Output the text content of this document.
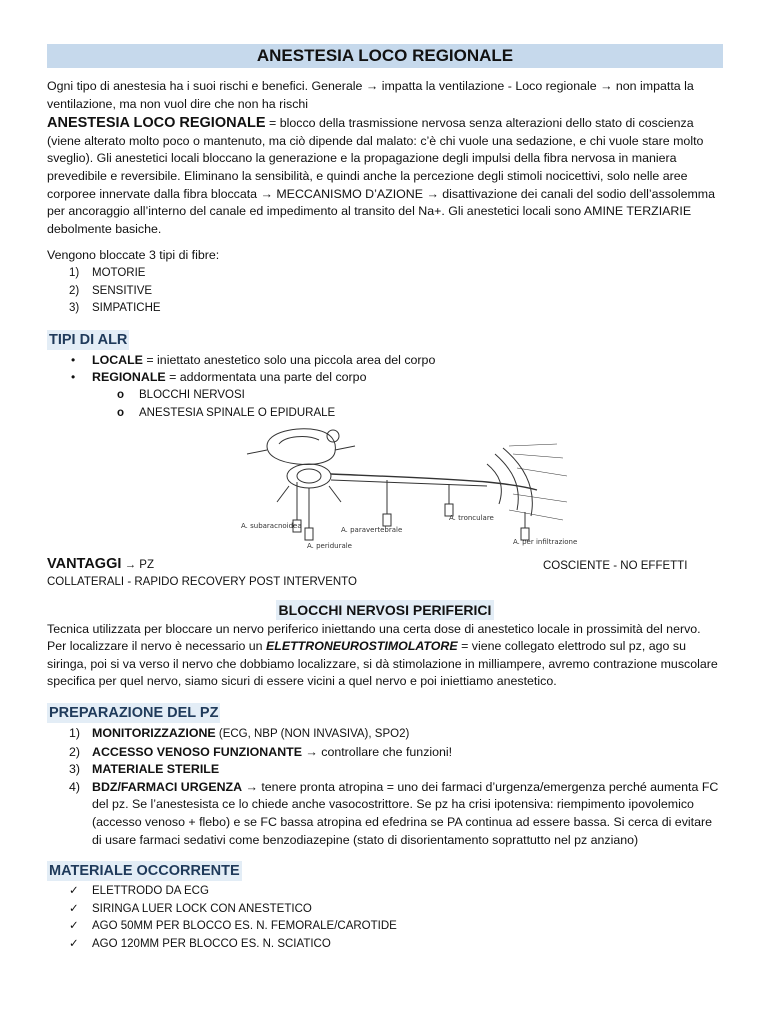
ANESTESIA LOCO REGIONALE

Ogni tipo di anestesia ha i suoi rischi e benefici. Generale → impatta la ventilazione - Loco regionale → non impatta la ventilazione, ma non vuol dire che non ha rischi

ANESTESIA LOCO REGIONALE = blocco della trasmissione nervosa senza alterazioni dello stato di coscienza (viene alterato molto poco o mantenuto, ma ciò dipende dal malato: c’è chi vuole una sedazione, e chi vuole stare molto sveglio). Gli anestetici locali bloccano la generazione e la propagazione degli impulsi della fibra nervosa in maniera prevedibile e reversibile. Eliminano la sensibilità, e quindi anche la percezione degli stimoli nocicettivi, solo nelle aree corporee innervate dalla fibra bloccata → MECCANISMO D’AZIONE → disattivazione dei canali del sodio dell’assolemma per ancoraggio all’interno del canale ed impedimento al transito del Na+. Gli anestetici locali sono AMINE TERZIARIE debolmente basiche.

Vengono bloccate 3 tipi di fibre:

1) MOTORIE
2) SENSITIVE
3) SIMPATICHE
TIPI DI ALR
• LOCALE = iniettato anestetico solo una piccola area del corpo
• REGIONALE = addormentata una parte del corpo
o BLOCCHI NERVOSI
o ANESTESIA SPINALE O EPIDURALE
A. subaracnoidea
A. peridurale
A. paravertebrale
A. tronculare
A. per infiltrazione
VANTAGGI → PZ	COSCIENTE - NO EFFETTI
COLLATERALI - RAPIDO RECOVERY POST INTERVENTO
BLOCCHI NERVOSI PERIFERICI

Tecnica utilizzata per bloccare un nervo periferico iniettando una certa dose di anestetico locale in prossimità del nervo. Per localizzare il nervo è necessario un ELETTRONEUROSTIMOLATORE = viene collegato elettrodo sul pz, ago su siringa, poi si va verso il nervo che dobbiamo localizzare, si dà stimolazione in milliampere, avremo contrazione muscolare specifica per quel nervo, siamo sicuri di essere vicini a quel nervo e poi iniettiamo anestetico.

PREPARAZIONE DEL PZ
1) MONITORIZZAZIONE (ECG, NBP (NON INVASIVA), SPO2)
2) ACCESSO VENOSO FUNZIONANTE → controllare che funzioni!
3) MATERIALE STERILE
4) BDZ/FARMACI URGENZA → tenere pronta atropina = uno dei farmaci d’urgenza/emergenza perché aumenta FC del pz. Se l’anestesista ce lo chiede anche vasocostrittore. Se pz ha crisi ipotensiva: riempimento ipovolemico (accesso venoso + flebo) e se FC bassa atropina ed efedrina se PA continua ad essere bassa. Si cerca di evitare di usare farmaci sedativi come benzodiazepine (stato di disorientamento soprattutto nel pz anziano)
MATERIALE OCCORRENTE
✓ ELETTRODO DA ECG
✓ SIRINGA LUER LOCK CON ANESTETICO
✓ AGO 50MM PER BLOCCO ES. N. FEMORALE/CAROTIDE
✓ AGO 120MM PER BLOCCO ES. N. SCIATICO
